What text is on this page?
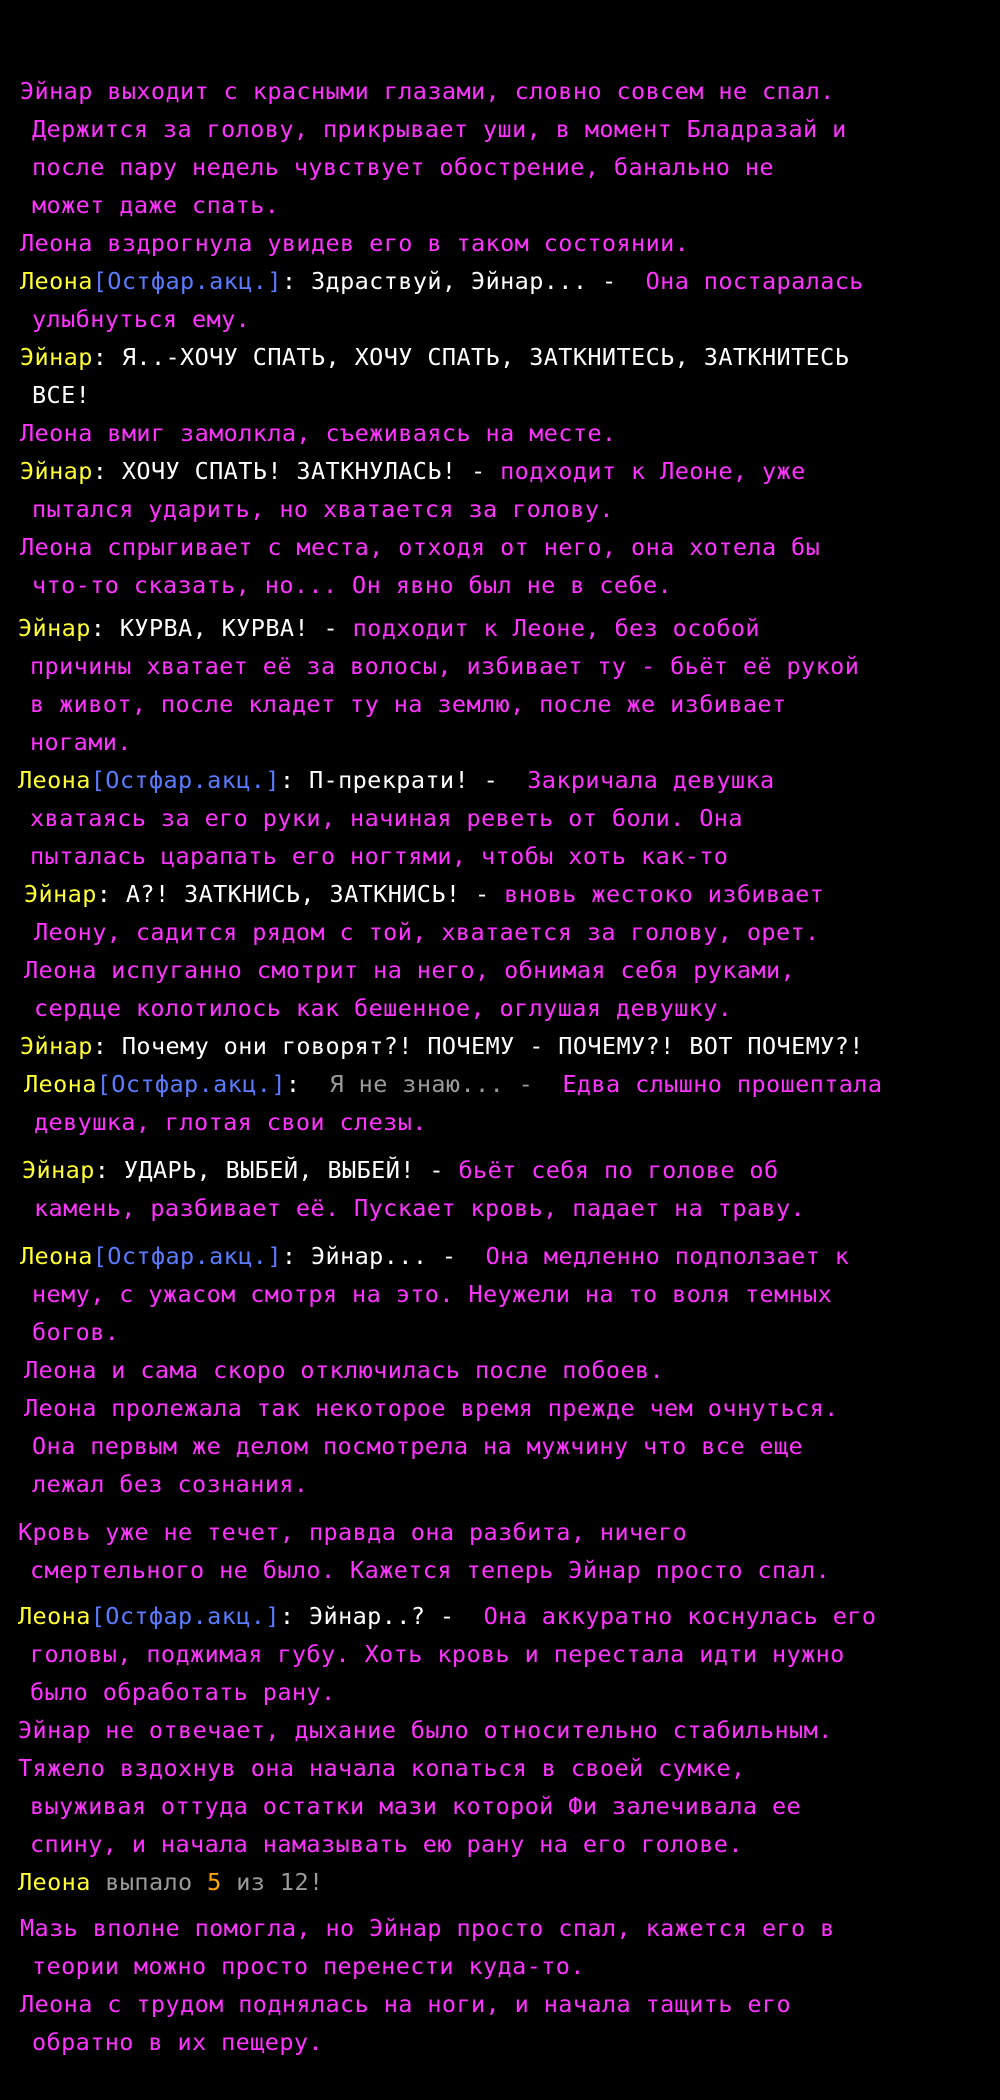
Эйнар выходит с красными глазами, словно совсем не спал.
Держится за голову, прикрывает уши, в момент Бладразай и
после пару недель чувствует обострение, банально не
может даже спать.
Леона вздрогнула увидев его в таком состоянии.
Леона[Остфар.акц.]: Здраствуй, Эйнар... -  Она постаралась
улыбнуться ему.
Эйнар: Я..-ХОЧУ СПАТЬ, ХОЧУ СПАТЬ, ЗАТКНИТЕСЬ, ЗАТКНИТЕСЬ
ВСЕ!
Леона вмиг замолкла, съеживаясь на месте.
Эйнар: ХОЧУ СПАТЬ! ЗАТКНУЛАСЬ! - подходит к Леоне, уже
пытался ударить, но хватается за голову.
Леона спрыгивает с места, отходя от него, она хотела бы
что-то сказать, но... Он явно был не в себе.
Эйнар: КУРВА, КУРВА! - подходит к Леоне, без особой
причины хватает её за волосы, избивает ту - бьёт её рукой
в живот, после кладет ту на землю, после же избивает
ногами.
Леона[Остфар.акц.]: П-прекрати! -  Закричала девушка
хватаясь за его руки, начиная реветь от боли. Она
пыталась царапать его ногтями, чтобы хоть как-то
Эйнар: А?! ЗАТКНИСЬ, ЗАТКНИСЬ! - вновь жестоко избивает
Леону, садится рядом с той, хватается за голову, орет.
Леона испуганно смотрит на него, обнимая себя руками,
сердце колотилось как бешенное, оглушая девушку.
Эйнар: Почему они говорят?! ПОЧЕМУ - ПОЧЕМУ?! ВОТ ПОЧЕМУ?!
Леона[Остфар.акц.]:  Я не знаю... -  Едва слышно прошептала
девушка, глотая свои слезы.
Эйнар: УДАРЬ, ВЫБЕЙ, ВЫБЕЙ! - бьёт себя по голове об
камень, разбивает её. Пускает кровь, падает на траву.
Леона[Остфар.акц.]: Эйнар... -  Она медленно подползает к
нему, с ужасом смотря на это. Неужели на то воля темных
богов.
Леона и сама скоро отключилась после побоев.
Леона пролежала так некоторое время прежде чем очнуться.
Она первым же делом посмотрела на мужчину что все еще
лежал без сознания.
Кровь уже не течет, правда она разбита, ничего
смертельного не было. Кажется теперь Эйнар просто спал.
Леона[Остфар.акц.]: Эйнар..? -  Она аккуратно коснулась его
головы, поджимая губу. Хоть кровь и перестала идти нужно
было обработать рану.
Эйнар не отвечает, дыхание было относительно стабильным.
Тяжело вздохнув она начала копаться в своей сумке,
выуживая оттуда остатки мази которой Фи залечивала ее
спину, и начала намазывать ею рану на его голове.
Леона выпало 5 из 12!
Мазь вполне помогла, но Эйнар просто спал, кажется его в
теории можно просто перенести куда-то.
Леона с трудом поднялась на ноги, и начала тащить его
обратно в их пещеру.
